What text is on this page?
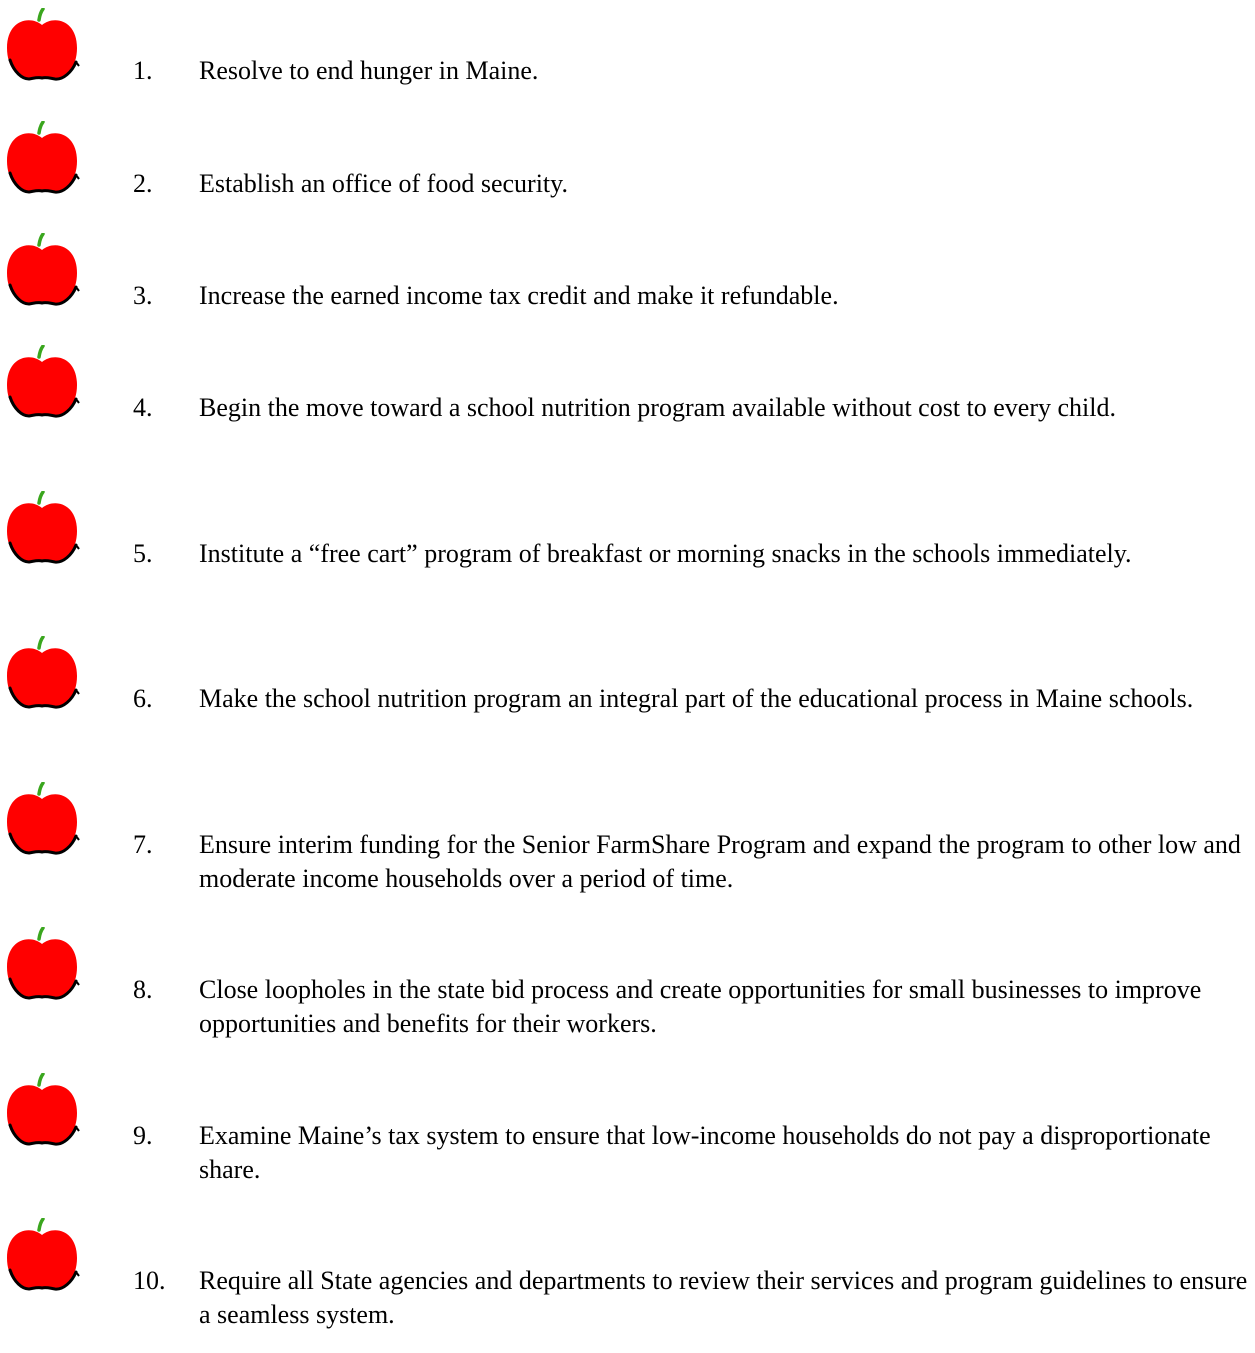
1. Resolve to end hunger in Maine.
2. Establish an office of food security.
3. Increase the earned income tax credit and make it refundable.
4. Begin the move toward a school nutrition program available without cost to every child.
5. Institute a “free cart” program of breakfast or morning snacks in the schools immediately.
6. Make the school nutrition program an integral part of the educational process in Maine schools.
7. Ensure interim funding for the Senior FarmShare Program and expand the program to other low and moderate income households over a period of time.
8. Close loopholes in the state bid process and create opportunities for small businesses to improve opportunities and benefits for their workers.
9. Examine Maine’s tax system to ensure that low-income households do not pay a disproportionate share.
10. Require all State agencies and departments to review their services and program guidelines to ensure a seamless system.
